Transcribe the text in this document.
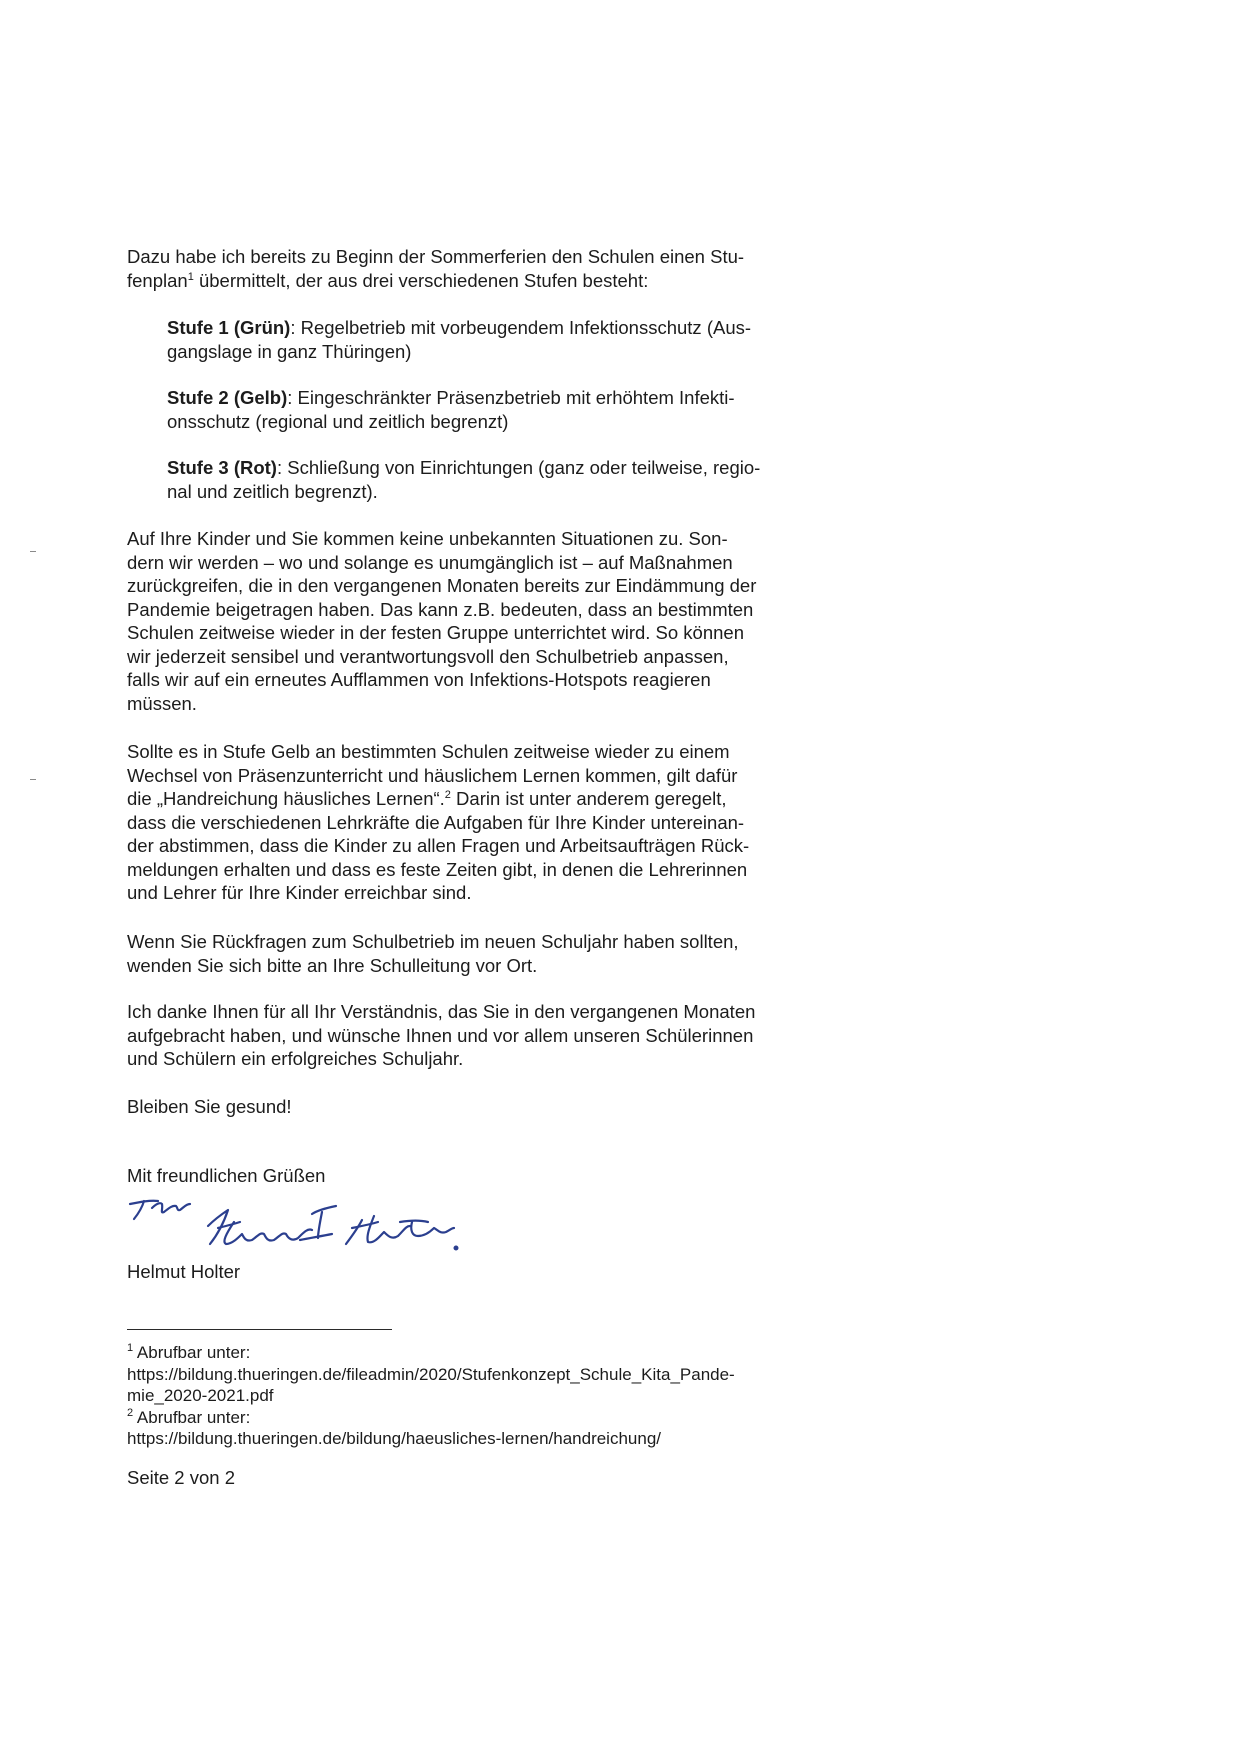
Dazu habe ich bereits zu Beginn der Sommerferien den Schulen einen Stu-
fenplan$^1$ übermittelt, der aus drei verschiedenen Stufen besteht:
Stufe 1 (Grün): Regelbetrieb mit vorbeugendem Infektionsschutz (Aus-
gangslage in ganz Thüringen)
Stufe 2 (Gelb): Eingeschränkter Präsenzbetrieb mit erhöhtem Infekti-
onsschutz (regional und zeitlich begrenzt)
Stufe 3 (Rot): Schließung von Einrichtungen (ganz oder teilweise, regio-
nal und zeitlich begrenzt).
Auf Ihre Kinder und Sie kommen keine unbekannten Situationen zu. Son-
dern wir werden – wo und solange es unumgänglich ist – auf Maßnahmen
zurückgreifen, die in den vergangenen Monaten bereits zur Eindämmung der
Pandemie beigetragen haben. Das kann z.B. bedeuten, dass an bestimmten
Schulen zeitweise wieder in der festen Gruppe unterrichtet wird. So können
wir jederzeit sensibel und verantwortungsvoll den Schulbetrieb anpassen,
falls wir auf ein erneutes Aufflammen von Infektions-Hotspots reagieren
müssen.
Sollte es in Stufe Gelb an bestimmten Schulen zeitweise wieder zu einem
Wechsel von Präsenzunterricht und häuslichem Lernen kommen, gilt dafür
die „Handreichung häusliches Lernen“.$^2$ Darin ist unter anderem geregelt,
dass die verschiedenen Lehrkräfte die Aufgaben für Ihre Kinder untereinan-
der abstimmen, dass die Kinder zu allen Fragen und Arbeitsaufträgen Rück-
meldungen erhalten und dass es feste Zeiten gibt, in denen die Lehrerinnen
und Lehrer für Ihre Kinder erreichbar sind.
Wenn Sie Rückfragen zum Schulbetrieb im neuen Schuljahr haben sollten,
wenden Sie sich bitte an Ihre Schulleitung vor Ort.
Ich danke Ihnen für all Ihr Verständnis, das Sie in den vergangenen Monaten
aufgebracht haben, und wünsche Ihnen und vor allem unseren Schülerinnen
und Schülern ein erfolgreiches Schuljahr.
Bleiben Sie gesund!
Mit freundlichen Grüßen
Helmut Holter
$^1$ Abrufbar unter:
https://bildung.thueringen.de/fileadmin/2020/Stufenkonzept_Schule_Kita_Pande-
mie_2020-2021.pdf
$^2$ Abrufbar unter:
https://bildung.thueringen.de/bildung/haeusliches-lernen/handreichung/
Seite 2 von 2
